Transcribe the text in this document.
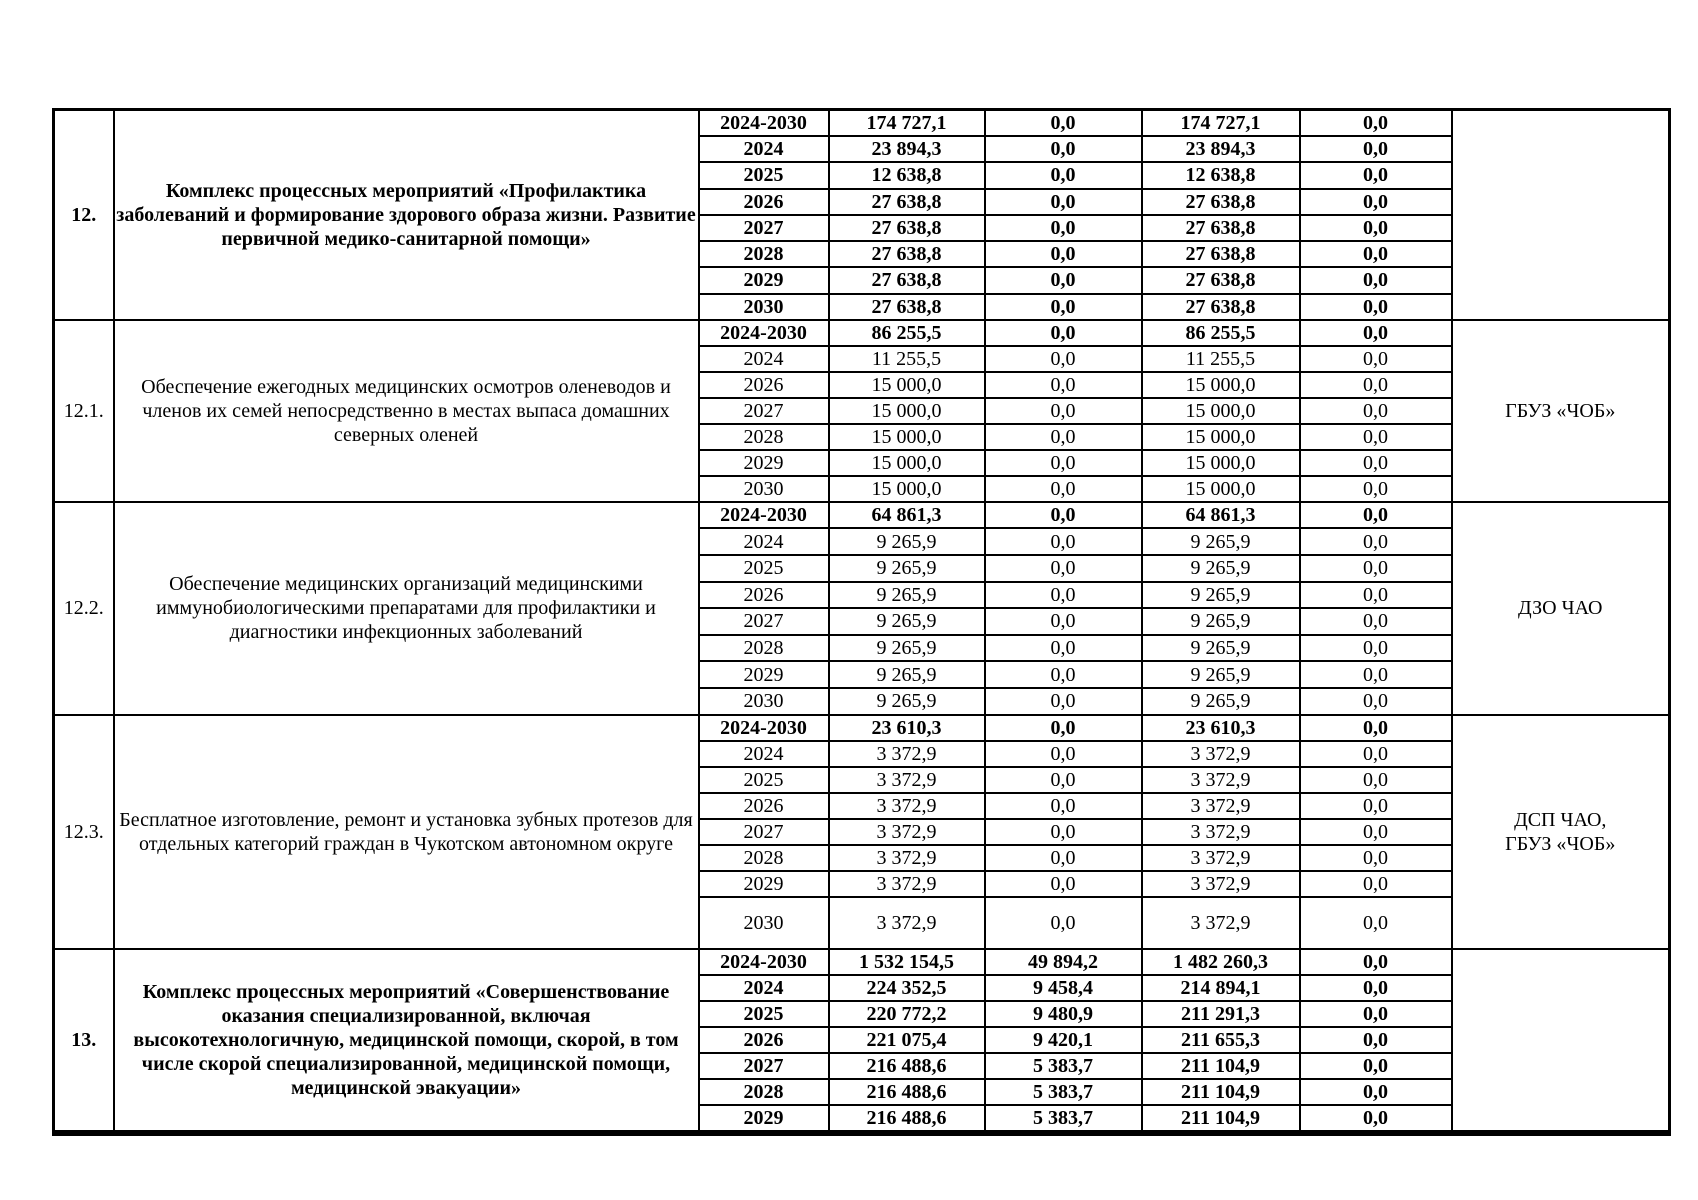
12.	Комплекс процессных мероприятий «Профилактика заболеваний и формирование здорового образа жизни. Развитие первичной медико-санитарной помощи»	2024-2030	174 727,1	0,0	174 727,1	0,0	
		2024	23 894,3	0,0	23 894,3	0,0	
		2025	12 638,8	0,0	12 638,8	0,0	
		2026	27 638,8	0,0	27 638,8	0,0	
		2027	27 638,8	0,0	27 638,8	0,0	
		2028	27 638,8	0,0	27 638,8	0,0	
		2029	27 638,8	0,0	27 638,8	0,0	
		2030	27 638,8	0,0	27 638,8	0,0	
12.1.	Обеспечение ежегодных медицинских осмотров оленеводов и членов их семей непосредственно в местах выпаса домашних северных оленей	2024-2030	86 255,5	0,0	86 255,5	0,0	ГБУЗ «ЧОБ»
		2024	11 255,5	0,0	11 255,5	0,0	
		2026	15 000,0	0,0	15 000,0	0,0	
		2027	15 000,0	0,0	15 000,0	0,0	
		2028	15 000,0	0,0	15 000,0	0,0	
		2029	15 000,0	0,0	15 000,0	0,0	
		2030	15 000,0	0,0	15 000,0	0,0	
12.2.	Обеспечение медицинских организаций медицинскими иммунобиологическими препаратами для профилактики и диагностики инфекционных заболеваний	2024-2030	64 861,3	0,0	64 861,3	0,0	ДЗО ЧАО
		2024	9 265,9	0,0	9 265,9	0,0	
		2025	9 265,9	0,0	9 265,9	0,0	
		2026	9 265,9	0,0	9 265,9	0,0	
		2027	9 265,9	0,0	9 265,9	0,0	
		2028	9 265,9	0,0	9 265,9	0,0	
		2029	9 265,9	0,0	9 265,9	0,0	
		2030	9 265,9	0,0	9 265,9	0,0	
12.3.	Бесплатное изготовление, ремонт и установка зубных протезов для отдельных категорий граждан в Чукотском автономном округе	2024-2030	23 610,3	0,0	23 610,3	0,0	ДСП ЧАО,
ГБУЗ «ЧОБ»
		2024	3 372,9	0,0	3 372,9	0,0	
		2025	3 372,9	0,0	3 372,9	0,0	
		2026	3 372,9	0,0	3 372,9	0,0	
		2027	3 372,9	0,0	3 372,9	0,0	
		2028	3 372,9	0,0	3 372,9	0,0	
		2029	3 372,9	0,0	3 372,9	0,0	
		2030	3 372,9	0,0	3 372,9	0,0	
13.	Комплекс процессных мероприятий «Совершенствование оказания специализированной, включая высокотехнологичную, медицинской помощи, скорой, в том числе скорой специализированной, медицинской помощи, медицинской эвакуации»	2024-2030	1 532 154,5	49 894,2	1 482 260,3	0,0	
		2024	224 352,5	9 458,4	214 894,1	0,0	
		2025	220 772,2	9 480,9	211 291,3	0,0	
		2026	221 075,4	9 420,1	211 655,3	0,0	
		2027	216 488,6	5 383,7	211 104,9	0,0	
		2028	216 488,6	5 383,7	211 104,9	0,0	
		2029	216 488,6	5 383,7	211 104,9	0,0	
